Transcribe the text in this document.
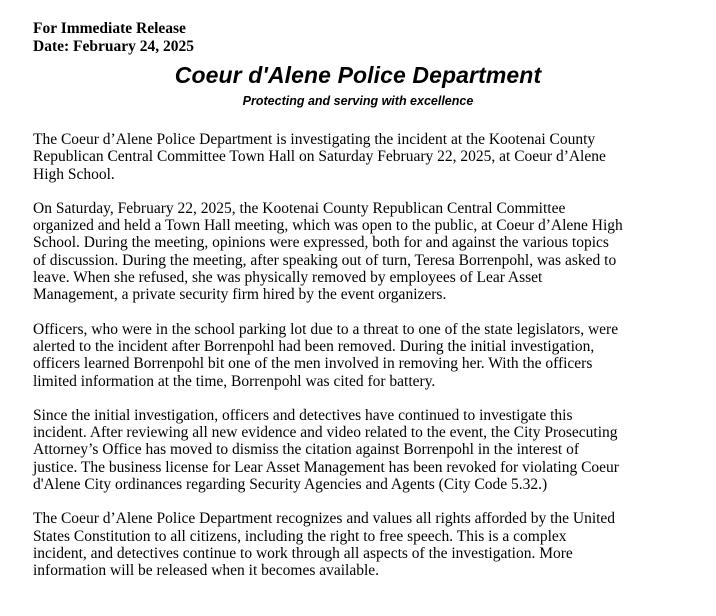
For Immediate Release
Date: February 24, 2025
Coeur d'Alene Police Department
Protecting and serving with excellence

The Coeur d’Alene Police Department is investigating the incident at the Kootenai County
Republican Central Committee Town Hall on Saturday February 22, 2025, at Coeur d’Alene
High School.

On Saturday, February 22, 2025, the Kootenai County Republican Central Committee
organized and held a Town Hall meeting, which was open to the public, at Coeur d’Alene High
School. During the meeting, opinions were expressed, both for and against the various topics
of discussion. During the meeting, after speaking out of turn, Teresa Borrenpohl, was asked to
leave. When she refused, she was physically removed by employees of Lear Asset
Management, a private security firm hired by the event organizers.

Officers, who were in the school parking lot due to a threat to one of the state legislators, were
alerted to the incident after Borrenpohl had been removed. During the initial investigation,
officers learned Borrenpohl bit one of the men involved in removing her. With the officers
limited information at the time, Borrenpohl was cited for battery.

Since the initial investigation, officers and detectives have continued to investigate this
incident. After reviewing all new evidence and video related to the event, the City Prosecuting
Attorney’s Office has moved to dismiss the citation against Borrenpohl in the interest of
justice. The business license for Lear Asset Management has been revoked for violating Coeur
d'Alene City ordinances regarding Security Agencies and Agents (City Code 5.32.)

The Coeur d’Alene Police Department recognizes and values all rights afforded by the United
States Constitution to all citizens, including the right to free speech. This is a complex
incident, and detectives continue to work through all aspects of the investigation. More
information will be released when it becomes available.
